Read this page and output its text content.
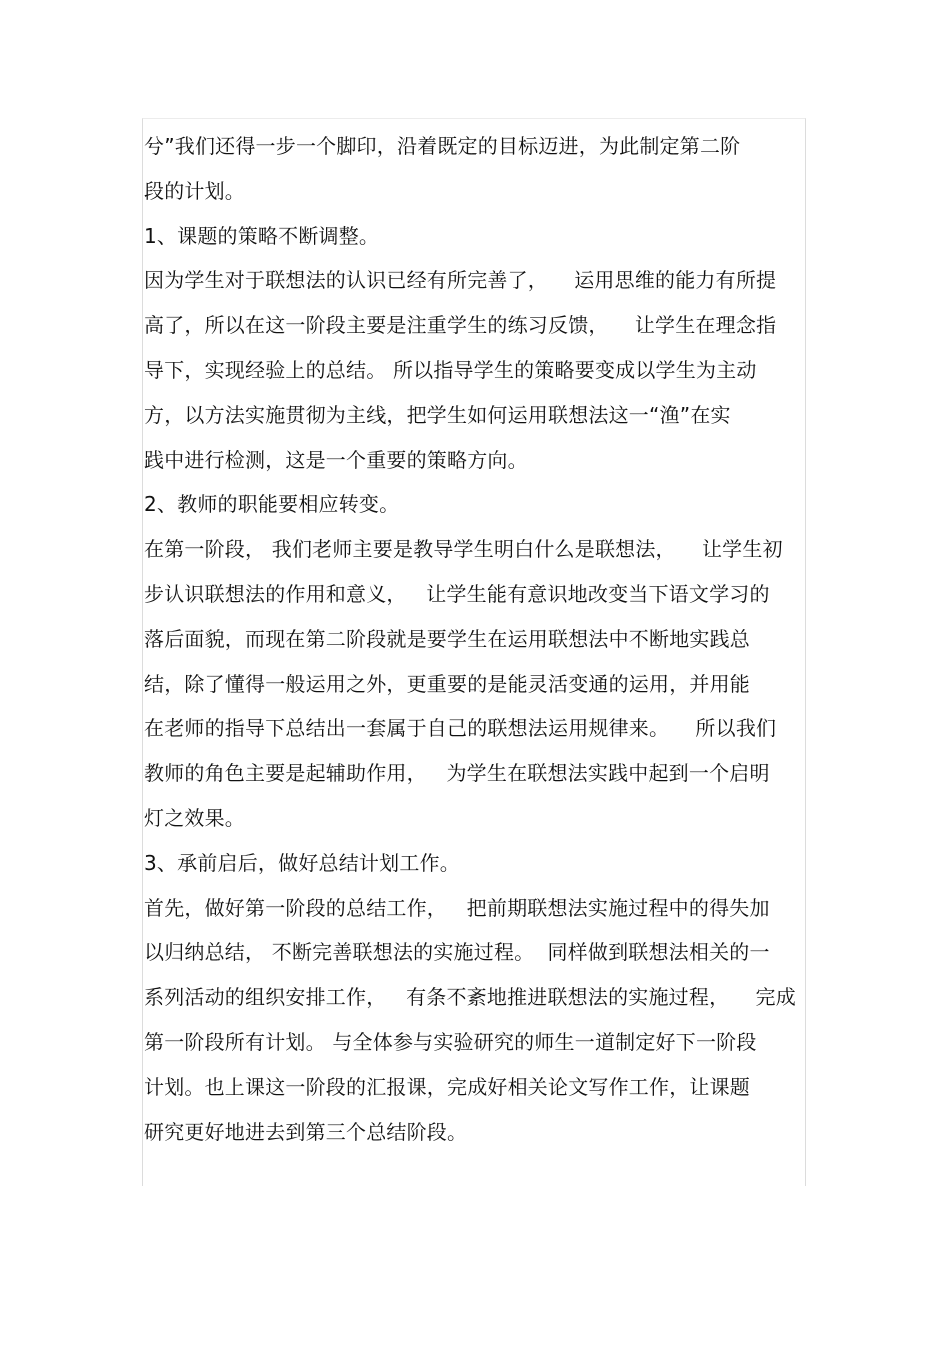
兮”我们还得一步一个脚印，沿着既定的目标迈进，为此制定第二阶
段的计划。
1、课题的策略不断调整。
因为学生对于联想法的认识已经有所完善了，    运用思维的能力有所提
高了，所以在这一阶段主要是注重学生的练习反馈，    让学生在理念指
导下，实现经验上的总结。 所以指导学生的策略要变成以学生为主动
方，以方法实施贯彻为主线，把学生如何运用联想法这一“渔”在实
践中进行检测，这是一个重要的策略方向。
2、教师的职能要相应转变。
在第一阶段， 我们老师主要是教导学生明白什么是联想法，    让学生初
步认识联想法的作用和意义，   让学生能有意识地改变当下语文学习的
落后面貌，而现在第二阶段就是要学生在运用联想法中不断地实践总
结，除了懂得一般运用之外，更重要的是能灵活变通的运用，并用能
在老师的指导下总结出一套属于自己的联想法运用规律来。    所以我们
教师的角色主要是起辅助作用，   为学生在联想法实践中起到一个启明
灯之效果。
3、承前启后，做好总结计划工作。
首先，做好第一阶段的总结工作，   把前期联想法实施过程中的得失加
以归纳总结， 不断完善联想法的实施过程。  同样做到联想法相关的一
系列活动的组织安排工作，   有条不紊地推进联想法的实施过程，    完成
第一阶段所有计划。 与全体参与实验研究的师生一道制定好下一阶段
计划。也上课这一阶段的汇报课，完成好相关论文写作工作，让课题
研究更好地进去到第三个总结阶段。
